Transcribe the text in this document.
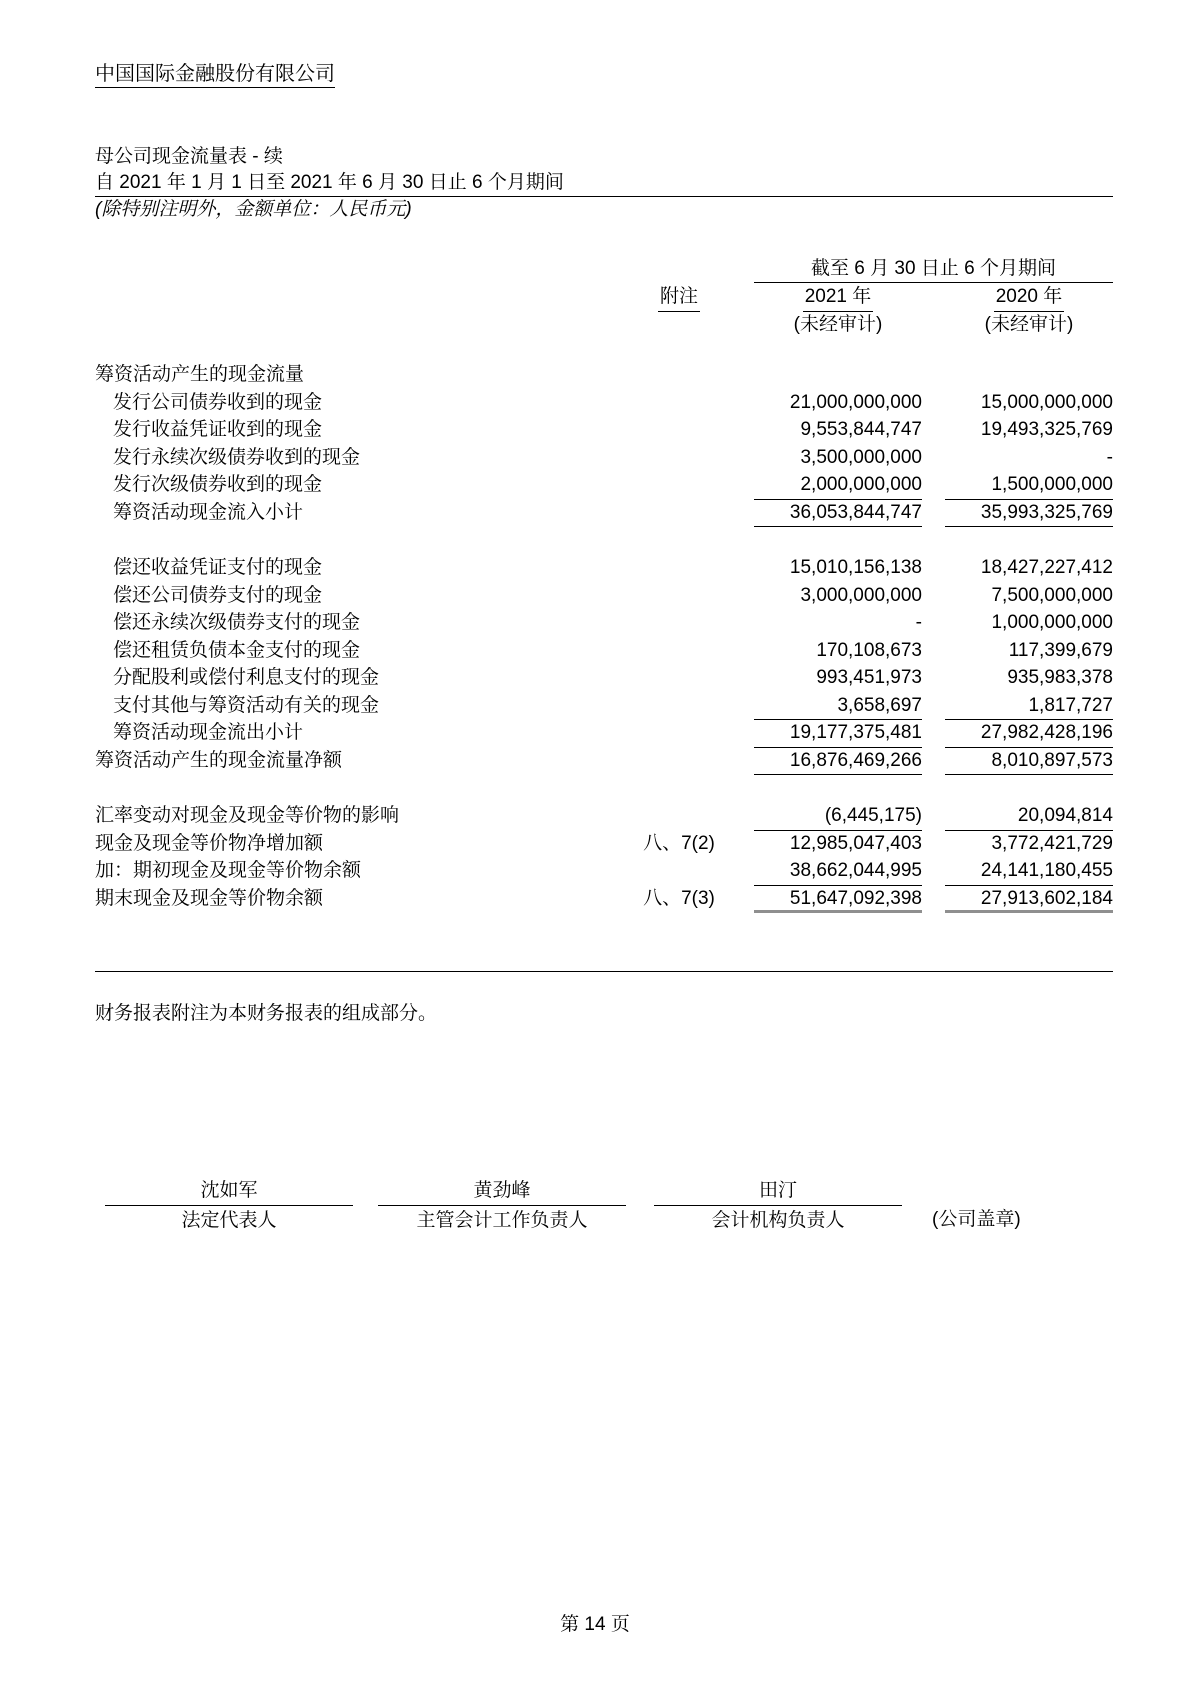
中国国际金融股份有限公司
母公司现金流量表 - 续
自 2021 年 1 月 1 日至 2021 年 6 月 30 日止 6 个月期间
(除特别注明外，金额单位：人民币元)
截至 6 月 30 日止 6 个月期间
附注	2021 年	2020 年
(未经审计)	(未经审计)
筹资活动产生的现金流量
发行公司债券收到的现金	21,000,000,000	15,000,000,000
发行收益凭证收到的现金	9,553,844,747	19,493,325,769
发行永续次级债券收到的现金	3,500,000,000	-
发行次级债券收到的现金	2,000,000,000	1,500,000,000
筹资活动现金流入小计	36,053,844,747	35,993,325,769
偿还收益凭证支付的现金	15,010,156,138	18,427,227,412
偿还公司债券支付的现金	3,000,000,000	7,500,000,000
偿还永续次级债券支付的现金	-	1,000,000,000
偿还租赁负债本金支付的现金	170,108,673	117,399,679
分配股利或偿付利息支付的现金	993,451,973	935,983,378
支付其他与筹资活动有关的现金	3,658,697	1,817,727
筹资活动现金流出小计	19,177,375,481	27,982,428,196
筹资活动产生的现金流量净额	16,876,469,266	8,010,897,573
汇率变动对现金及现金等价物的影响	(6,445,175)	20,094,814
现金及现金等价物净增加额	八、7(2)	12,985,047,403	3,772,421,729
加：期初现金及现金等价物余额	38,662,044,995	24,141,180,455
期末现金及现金等价物余额	八、7(3)	51,647,092,398	27,913,602,184
财务报表附注为本财务报表的组成部分。
沈如军
法定代表人
黄劲峰
主管会计工作负责人
田汀
会计机构负责人	(公司盖章)
第 14 页
